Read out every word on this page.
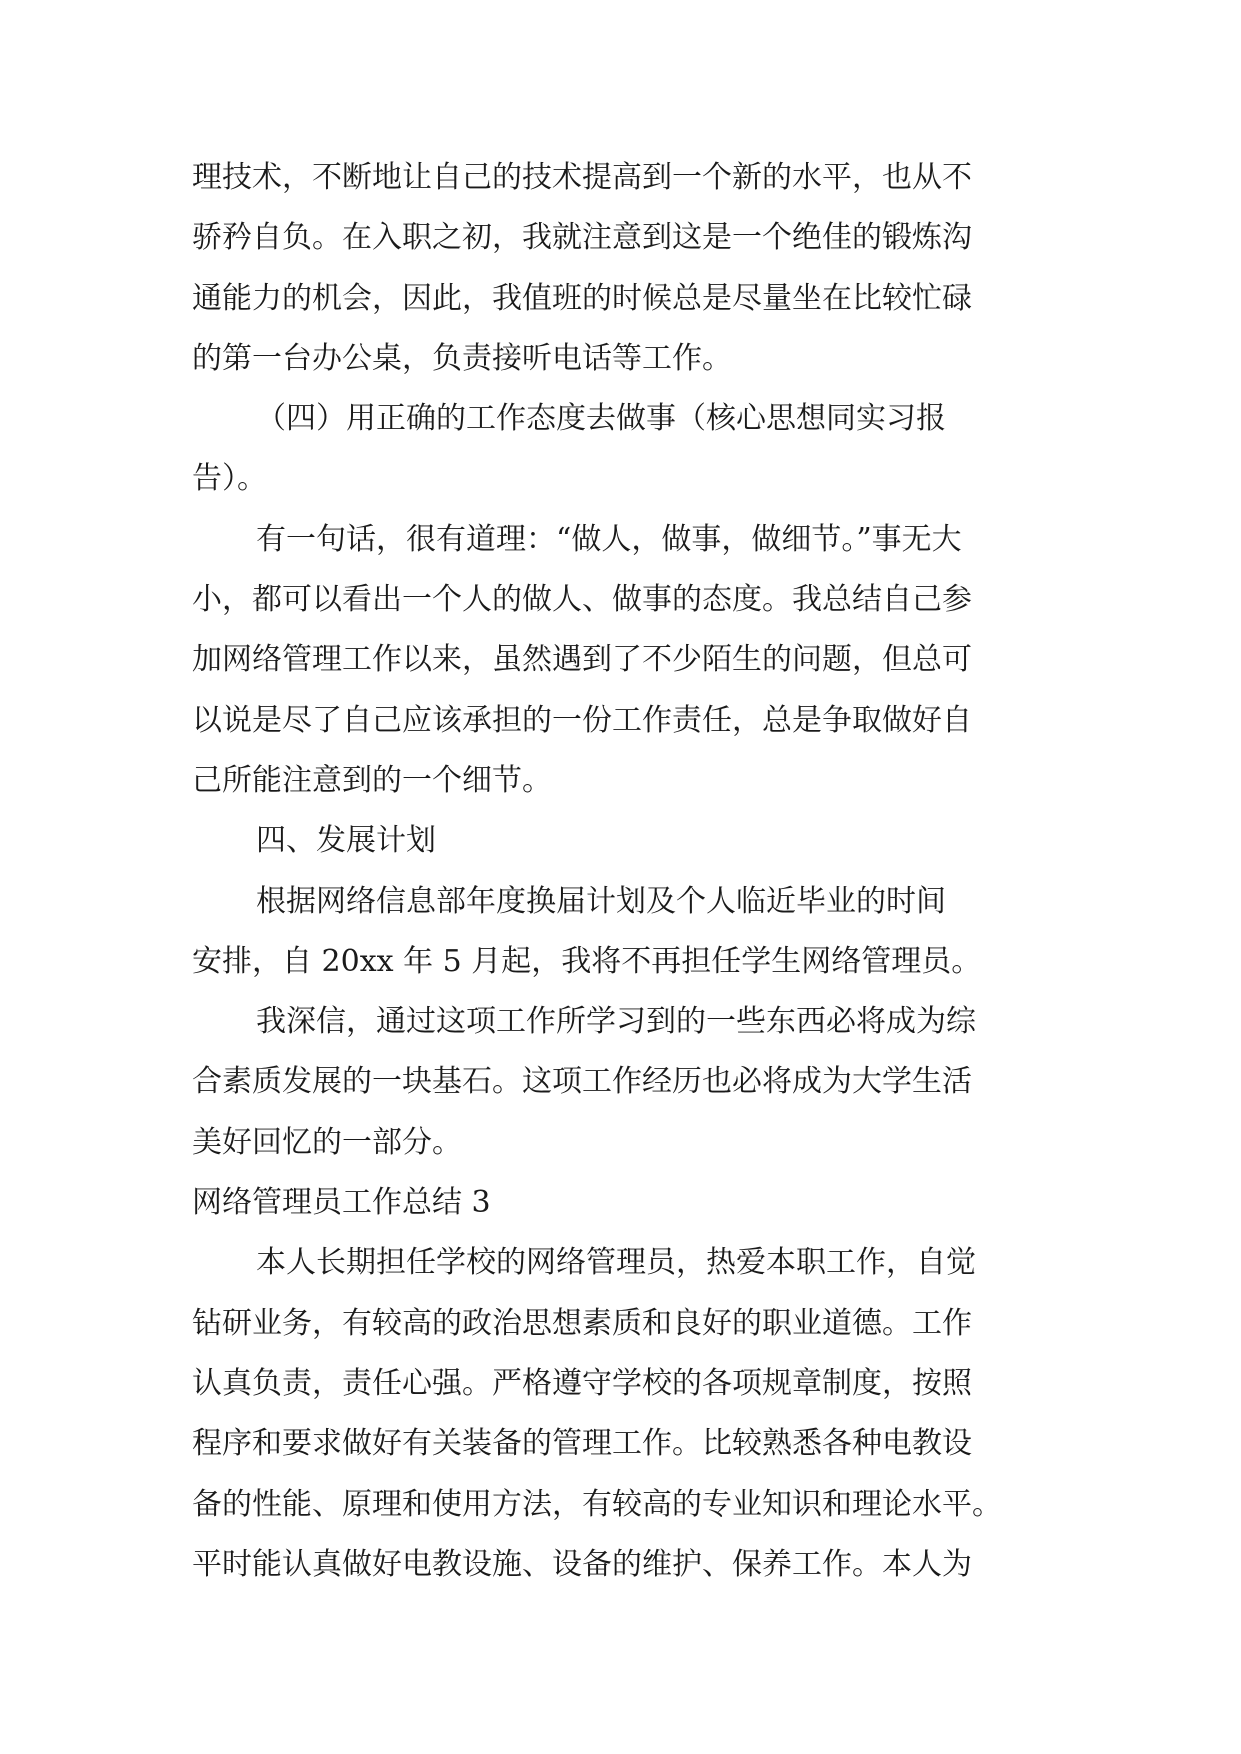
理技术，不断地让自己的技术提高到一个新的水平，也从不
骄矜自负。在入职之初，我就注意到这是一个绝佳的锻炼沟
通能力的机会，因此，我值班的时候总是尽量坐在比较忙碌
的第一台办公桌，负责接听电话等工作。
（四）用正确的工作态度去做事（核心思想同实习报
告）。
有一句话，很有道理：“做人，做事，做细节。”事无大
小，都可以看出一个人的做人、做事的态度。我总结自己参
加网络管理工作以来，虽然遇到了不少陌生的问题，但总可
以说是尽了自己应该承担的一份工作责任，总是争取做好自
己所能注意到的一个细节。
四、发展计划
根据网络信息部年度换届计划及个人临近毕业的时间
安排，自 20xx 年 5 月起，我将不再担任学生网络管理员。
我深信，通过这项工作所学习到的一些东西必将成为综
合素质发展的一块基石。这项工作经历也必将成为大学生活
美好回忆的一部分。
网络管理员工作总结 3
本人长期担任学校的网络管理员，热爱本职工作，自觉
钻研业务，有较高的政治思想素质和良好的职业道德。工作
认真负责，责任心强。严格遵守学校的各项规章制度，按照
程序和要求做好有关装备的管理工作。比较熟悉各种电教设
备的性能、原理和使用方法，有较高的专业知识和理论水平。
平时能认真做好电教设施、设备的维护、保养工作。本人为
